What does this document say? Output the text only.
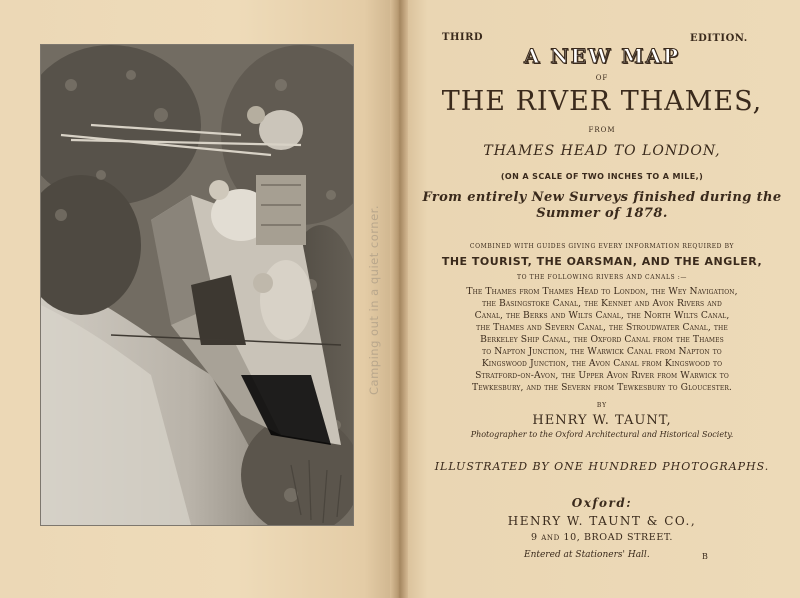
Camping out in a quiet corner.
THIRD	EDITION.
A NEW MAP
OF
THE RIVER THAMES,
FROM
THAMES HEAD TO LONDON,
(ON A SCALE OF TWO INCHES TO A MILE,)
From entirely New Surveys finished during the
Summer of 1878.
COMBINED WITH GUIDES GIVING EVERY INFORMATION REQUIRED BY
THE TOURIST, THE OARSMAN, AND THE ANGLER,
TO THE FOLLOWING RIVERS AND CANALS :—
The Thames from Thames Head to London, the Wey Navigation,
the Basingstoke Canal, the Kennet and Avon Rivers and
Canal, the Berks and Wilts Canal, the North Wilts Canal,
the Thames and Severn Canal, the Stroudwater Canal, the
Berkeley Ship Canal, the Oxford Canal from the Thames
to Napton Junction, the Warwick Canal from Napton to
Kingswood Junction, the Avon Canal from Kingswood to
Stratford-on-Avon, the Upper Avon River from Warwick to
Tewkesbury, and the Severn from Tewkesbury to Gloucester.
BY
HENRY W. TAUNT,
Photographer to the Oxford Architectural and Historical Society.
ILLUSTRATED BY ONE HUNDRED PHOTOGRAPHS.
Oxford:
HENRY W. TAUNT & CO.,
9 and 10, BROAD STREET.
Entered at Stationers' Hall.	B
